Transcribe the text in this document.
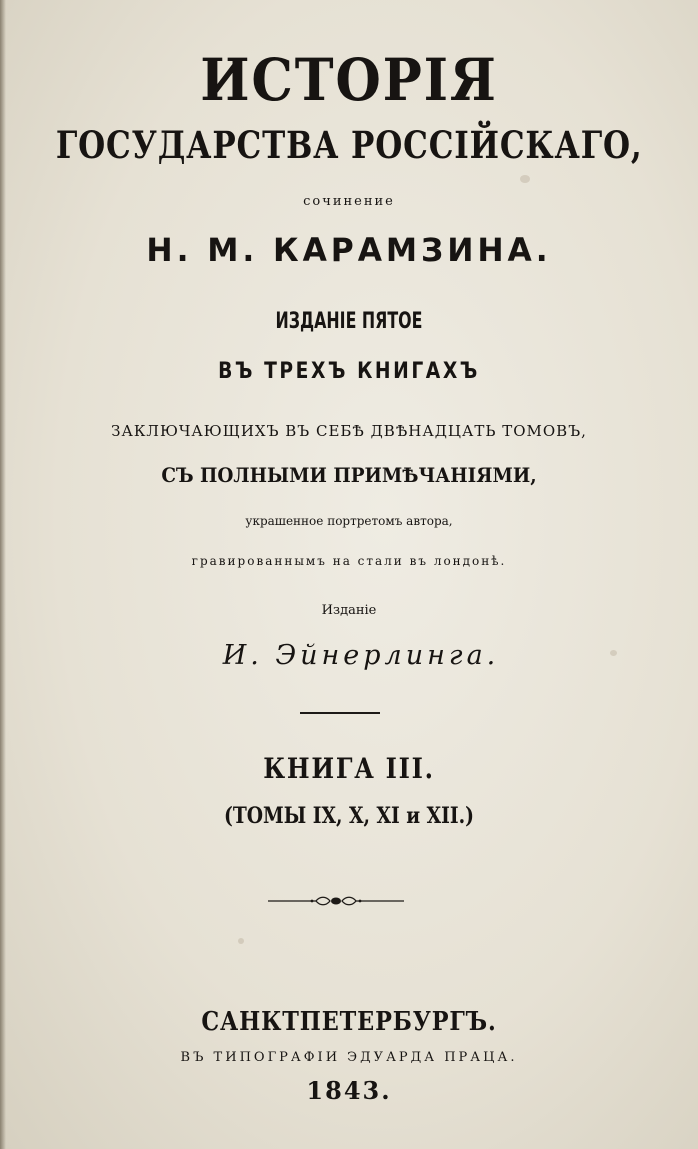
ИСТОРІЯ
ГОСУДАРСТВА РОССІЙСКАГО,
сочинение
Н. М. КАРАМЗИНА.
ИЗДАНІЕ ПЯТОЕ
ВЪ ТРЕХЪ КНИГАХЪ
ЗАКЛЮЧАЮЩИХЪ ВЪ СЕБѢ ДВѢНАДЦАТЬ ТОМОВЪ,
СЪ ПОЛНЫМИ ПРИМѢЧАНІЯМИ,
украшенное портретомъ автора,
гравированнымъ на стали въ лондонѣ.
Изданіе
И. Эйнерлинга.
КНИГА III.
(ТОМЫ IX, X, XI и XII.)
САНКТПЕТЕРБУРГЪ.
ВЪ ТИПОГРАФІИ ЭДУАРДА ПРАЦА.
1843.
